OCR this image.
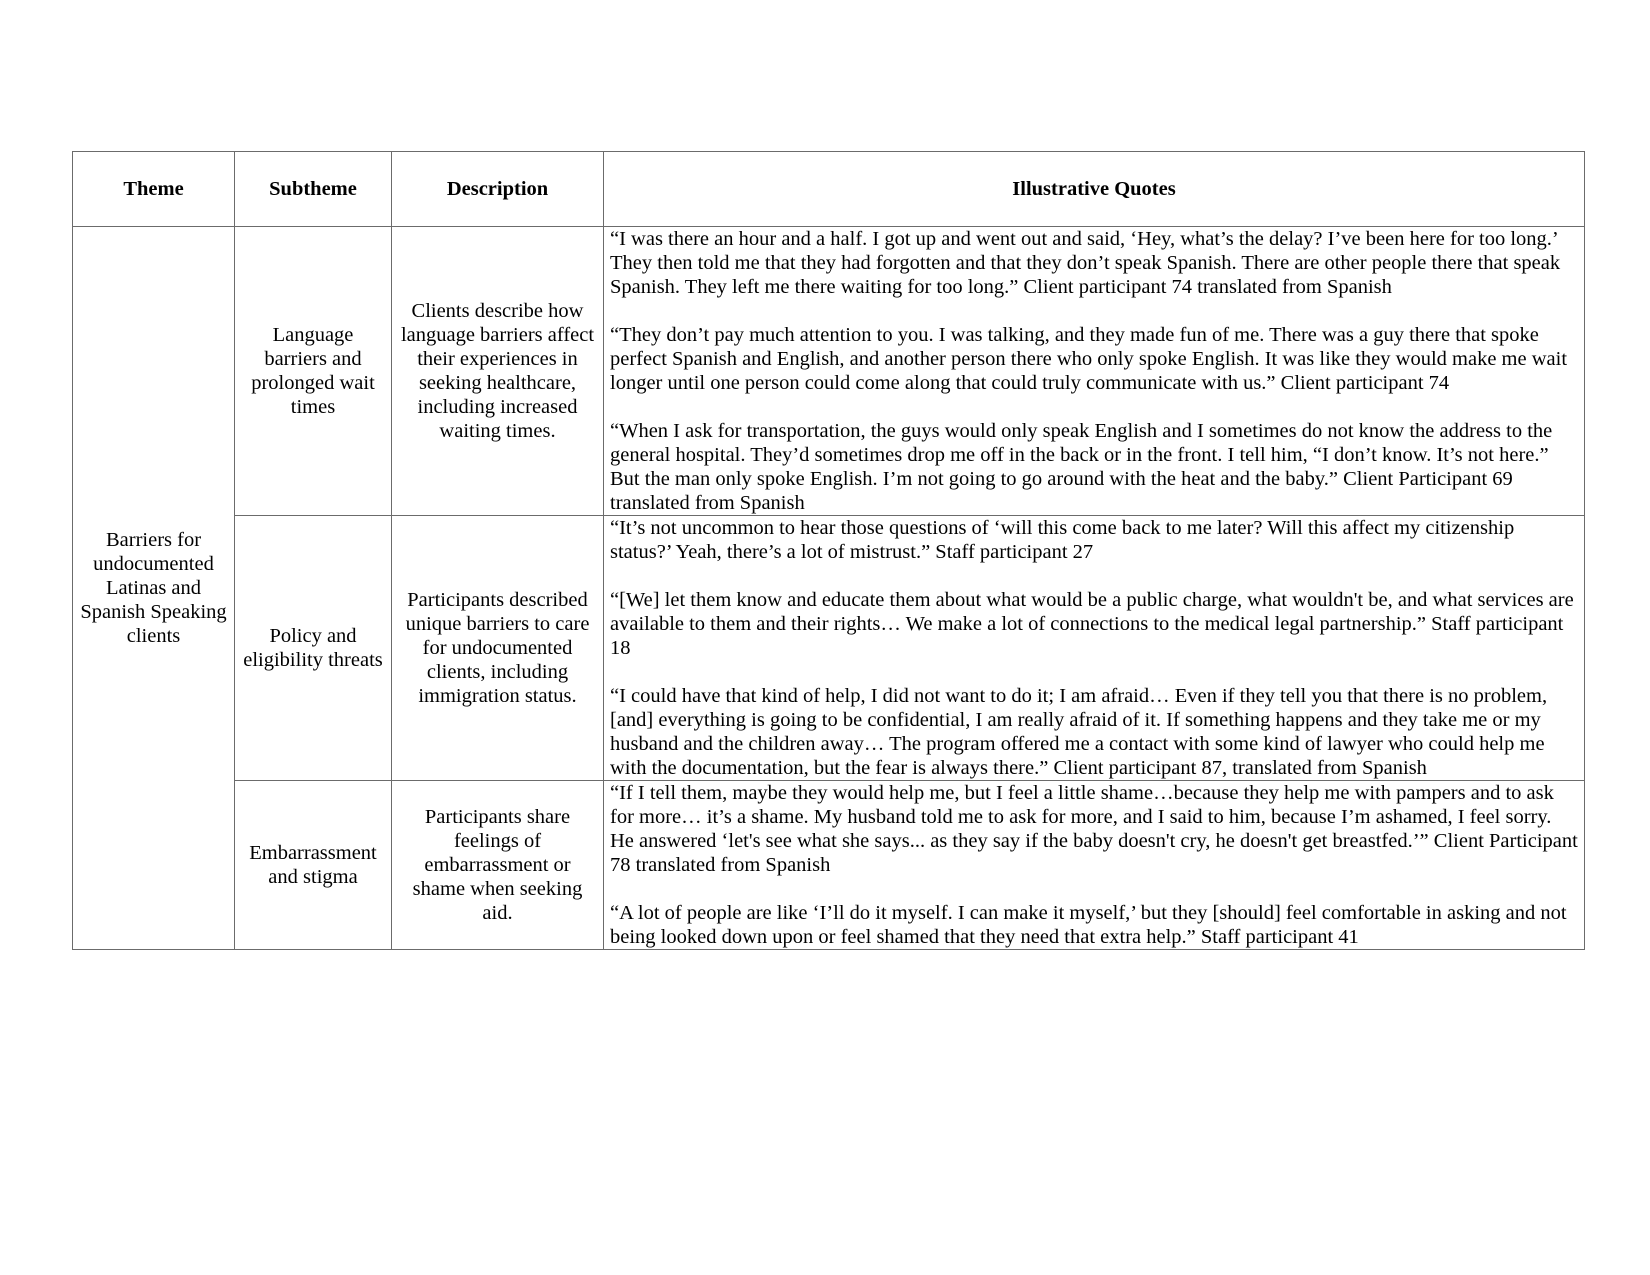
Theme	Subtheme	Description	Illustrative Quotes
Barriers for undocumented Latinas and Spanish Speaking clients	Language barriers and prolonged wait times	Clients describe how language barriers affect their experiences in seeking healthcare, including increased waiting times.	“I was there an hour and a half. I got up and went out and said, ‘Hey, what’s the delay? I’ve been here for too long.’ They then told me that they had forgotten and that they don’t speak Spanish. There are other people there that speak Spanish. They left me there waiting for too long.” Client participant 74 translated from Spanish

“They don’t pay much attention to you. I was talking, and they made fun of me. There was a guy there that spoke perfect Spanish and English, and another person there who only spoke English. It was like they would make me wait longer until one person could come along that could truly communicate with us.” Client participant 74

“When I ask for transportation, the guys would only speak English and I sometimes do not know the address to the general hospital. They’d sometimes drop me off in the back or in the front. I tell him, “I don’t know. It’s not here.” But the man only spoke English. I’m not going to go around with the heat and the baby.” Client Participant 69 translated from Spanish

	Policy and eligibility threats	Participants described unique barriers to care for undocumented clients, including immigration status.	“It’s not uncommon to hear those questions of ‘will this come back to me later? Will this affect my citizenship status?’ Yeah, there’s a lot of mistrust.” Staff participant 27

“[We] let them know and educate them about what would be a public charge, what wouldn't be, and what services are available to them and their rights… We make a lot of connections to the medical legal partnership.” Staff participant 18

“I could have that kind of help, I did not want to do it; I am afraid… Even if they tell you that there is no problem, [and] everything is going to be confidential, I am really afraid of it. If something happens and they take me or my husband and the children away… The program offered me a contact with some kind of lawyer who could help me with the documentation, but the fear is always there.” Client participant 87, translated from Spanish

	Embarrassment and stigma	Participants share feelings of embarrassment or shame when seeking aid.	“If I tell them, maybe they would help me, but I feel a little shame…because they help me with pampers and to ask for more… it’s a shame. My husband told me to ask for more, and I said to him, because I’m ashamed, I feel sorry. He answered ‘let's see what she says... as they say if the baby doesn't cry, he doesn't get breastfed.’” Client Participant 78 translated from Spanish

“A lot of people are like ‘I’ll do it myself. I can make it myself,’ but they [should] feel comfortable in asking and not being looked down upon or feel shamed that they need that extra help.” Staff participant 41
